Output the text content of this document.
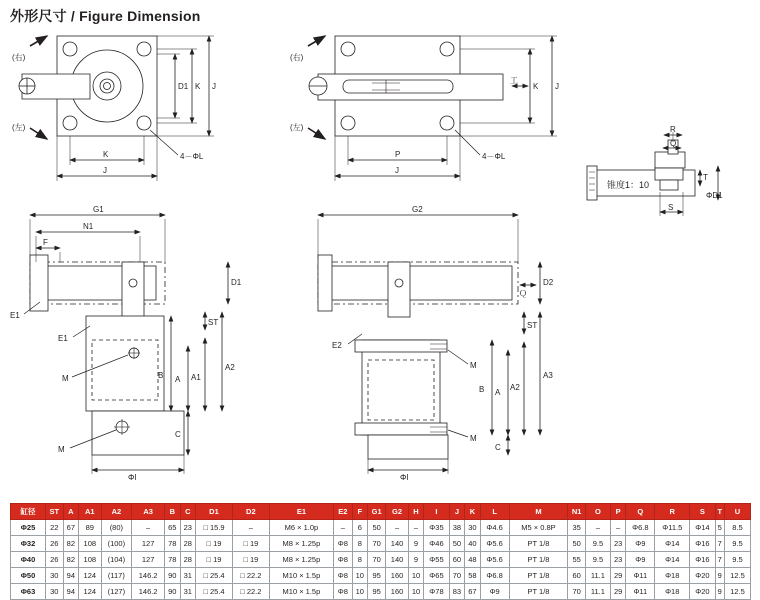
外形尺寸 / Figure Dimension
(右)
(左)
4－ΦL
D1 K J
K
J
(右)
(左)
4－ΦL
工
K J
P
J
R
Q
锥度1：10
T
ΦD1
S
G1
N1
F
E1
E1
M
M
D1
ST
A2
A1
A
B
C
ΦI
G2
E2
M
M
D2
Ｑ
ST
A3
A2
A
B
C
ΦI
缸径	ST	A	A1	A2	A3	B	C	D1	D2	E1	E2	F	G1	G2	H	I	J	K	L	M	N1	O	P	Q	R	S	T	U
Φ25	22	67	89	(80)	–	65	23	□ 15.9	–	M6 × 1.0p	–	6	50	–	–	Φ35	38	30	Φ4.6	M5 × 0.8P	35	–	–	Φ6.8	Φ11.5	Φ14	5	8.5
Φ32	26	82	108	(100)	127	78	28	□ 19	□ 19	M8 × 1.25p	Φ8	8	70	140	9	Φ46	50	40	Φ5.6	PT 1/8	50	9.5	23	Φ9	Φ14	Φ16	7	9.5
Φ40	26	82	108	(104)	127	78	28	□ 19	□ 19	M8 × 1.25p	Φ8	8	70	140	9	Φ55	60	48	Φ5.6	PT 1/8	55	9.5	23	Φ9	Φ14	Φ16	7	9.5
Φ50	30	94	124	(117)	146.2	90	31	□ 25.4	□ 22.2	M10 × 1.5p	Φ8	10	95	160	10	Φ65	70	58	Φ6.8	PT 1/8	60	11.1	29	Φ11	Φ18	Φ20	9	12.5
Φ63	30	94	124	(127)	146.2	90	31	□ 25.4	□ 22.2	M10 × 1.5p	Φ8	10	95	160	10	Φ78	83	67	Φ9	PT 1/8	70	11.1	29	Φ11	Φ18	Φ20	9	12.5
